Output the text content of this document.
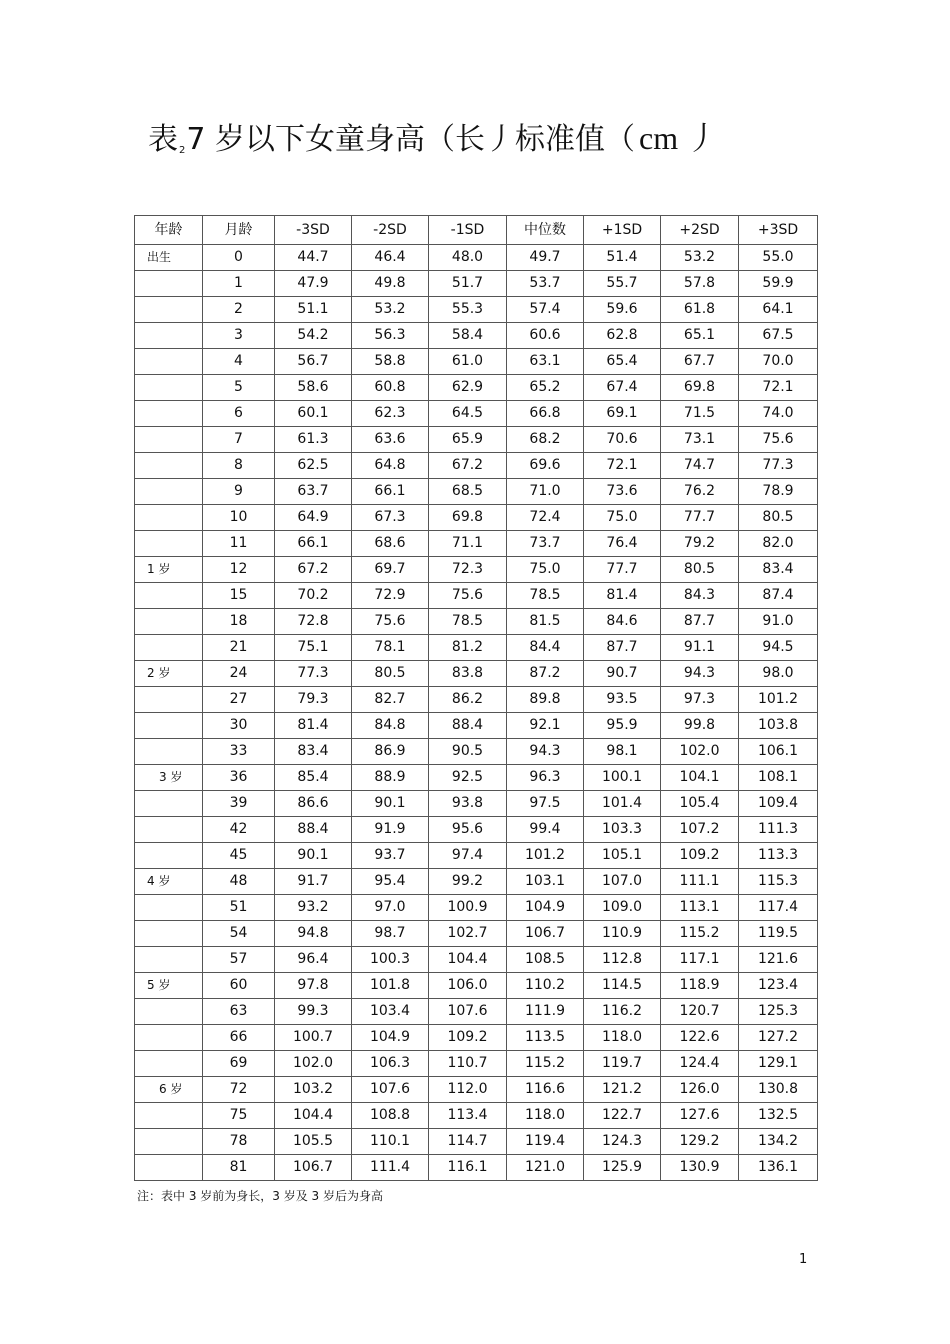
表27 岁以下女童身高（长丿标准值（ cm 丿
年龄	月龄	-3SD	-2SD	-1SD	中位数	+1SD	+2SD	+3SD
出生	0	44.7	46.4	48.0	49.7	51.4	53.2	55.0
	1	47.9	49.8	51.7	53.7	55.7	57.8	59.9
	2	51.1	53.2	55.3	57.4	59.6	61.8	64.1
	3	54.2	56.3	58.4	60.6	62.8	65.1	67.5
	4	56.7	58.8	61.0	63.1	65.4	67.7	70.0
	5	58.6	60.8	62.9	65.2	67.4	69.8	72.1
	6	60.1	62.3	64.5	66.8	69.1	71.5	74.0
	7	61.3	63.6	65.9	68.2	70.6	73.1	75.6
	8	62.5	64.8	67.2	69.6	72.1	74.7	77.3
	9	63.7	66.1	68.5	71.0	73.6	76.2	78.9
	10	64.9	67.3	69.8	72.4	75.0	77.7	80.5
	11	66.1	68.6	71.1	73.7	76.4	79.2	82.0
1 岁	12	67.2	69.7	72.3	75.0	77.7	80.5	83.4
	15	70.2	72.9	75.6	78.5	81.4	84.3	87.4
	18	72.8	75.6	78.5	81.5	84.6	87.7	91.0
	21	75.1	78.1	81.2	84.4	87.7	91.1	94.5
2 岁	24	77.3	80.5	83.8	87.2	90.7	94.3	98.0
	27	79.3	82.7	86.2	89.8	93.5	97.3	101.2
	30	81.4	84.8	88.4	92.1	95.9	99.8	103.8
	33	83.4	86.9	90.5	94.3	98.1	102.0	106.1
3 岁	36	85.4	88.9	92.5	96.3	100.1	104.1	108.1
	39	86.6	90.1	93.8	97.5	101.4	105.4	109.4
	42	88.4	91.9	95.6	99.4	103.3	107.2	111.3
	45	90.1	93.7	97.4	101.2	105.1	109.2	113.3
4 岁	48	91.7	95.4	99.2	103.1	107.0	111.1	115.3
	51	93.2	97.0	100.9	104.9	109.0	113.1	117.4
	54	94.8	98.7	102.7	106.7	110.9	115.2	119.5
	57	96.4	100.3	104.4	108.5	112.8	117.1	121.6
5 岁	60	97.8	101.8	106.0	110.2	114.5	118.9	123.4
	63	99.3	103.4	107.6	111.9	116.2	120.7	125.3
	66	100.7	104.9	109.2	113.5	118.0	122.6	127.2
	69	102.0	106.3	110.7	115.2	119.7	124.4	129.1
6 岁	72	103.2	107.6	112.0	116.6	121.2	126.0	130.8
	75	104.4	108.8	113.4	118.0	122.7	127.6	132.5
	78	105.5	110.1	114.7	119.4	124.3	129.2	134.2
	81	106.7	111.4	116.1	121.0	125.9	130.9	136.1
注：表中 3 岁前为身长，3 岁及 3 岁后为身高
1
